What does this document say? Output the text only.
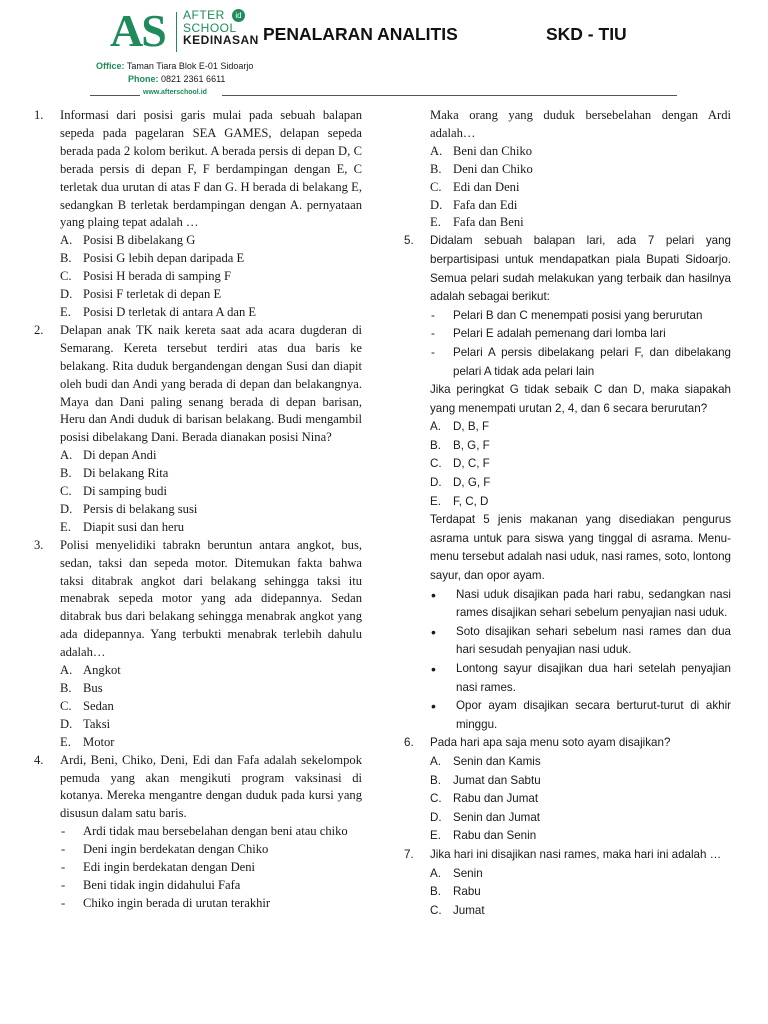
AS AFTER
SCHOOL
KEDINASAN
id
PENALARAN ANALITIS	SKD - TIU
Office: Taman Tiara Blok E-01 Sidoarjo
Phone: 0821 2361 6611
www.afterschool.id
1. Informasi dari posisi garis mulai pada sebuah balapan sepeda pada pagelaran SEA GAMES, delapan sepeda berada pada 2 kolom berikut. A berada persis di depan D, C berada persis di depan F, F berdampingan dengan E, C terletak dua urutan di atas F dan G. H berada di belakang E, sedangkan B terletak berdampingan dengan A. pernyataan yang plaing tepat adalah …
A. Posisi B dibelakang G
B. Posisi G lebih depan daripada E
C. Posisi H berada di samping F
D. Posisi F terletak di depan E
E. Posisi D terletak di antara A dan E
2. Delapan anak TK naik kereta saat ada acara dugderan di Semarang. Kereta tersebut terdiri atas dua baris ke belakang. Rita duduk bergandengan dengan Susi dan diapit oleh budi dan Andi yang berada di depan dan belakangnya. Maya dan Dani paling senang berada di depan barisan, Heru dan Andi duduk di barisan belakang. Budi mengambil posisi dibelakang Dani. Berada dianakan posisi Nina?
A. Di depan Andi
B. Di belakang Rita
C. Di samping budi
D. Persis di belakang susi
E. Diapit susi dan heru
3. Polisi menyelidiki tabrakn beruntun antara angkot, bus, sedan, taksi dan sepeda motor. Ditemukan fakta bahwa taksi ditabrak angkot dari belakang sehingga taksi itu menabrak sepeda motor yang ada didepannya. Sedan ditabrak bus dari belakang sehingga menabrak angkot yang ada didepannya. Yang terbukti menabrak terlebih dahulu adalah…
A. Angkot
B. Bus
C. Sedan
D. Taksi
E. Motor
4. Ardi, Beni, Chiko, Deni, Edi dan Fafa adalah sekelompok pemuda yang akan mengikuti program vaksinasi di kotanya. Mereka mengantre dengan duduk pada kursi yang disusun dalam satu baris.
- Ardi tidak mau bersebelahan dengan beni atau chiko
- Deni ingin berdekatan dengan Chiko
- Edi ingin berdekatan dengan Deni
- Beni tidak ingin didahului Fafa
- Chiko ingin berada di urutan terakhir
Maka orang yang duduk bersebelahan dengan Ardi adalah…
A. Beni dan Chiko
B. Deni dan Chiko
C. Edi dan Deni
D. Fafa dan Edi
E. Fafa dan Beni
5. Didalam sebuah balapan lari, ada 7 pelari yang berpartisipasi untuk mendapatkan piala Bupati Sidoarjo. Semua pelari sudah melakukan yang terbaik dan hasilnya adalah sebagai berikut:
- Pelari B dan C menempati posisi yang berurutan
- Pelari E adalah pemenang dari lomba lari
- Pelari A persis dibelakang pelari F, dan dibelakang pelari A tidak ada pelari lain
Jika peringkat G tidak sebaik C dan D, maka siapakah yang menempati urutan 2, 4, dan 6 secara berurutan?
A. D, B, F
B. B, G, F
C. D, C, F
D. D, G, F
E. F, C, D
Terdapat 5 jenis makanan yang disediakan pengurus asrama untuk para siswa yang tinggal di asrama. Menu-menu tersebut adalah nasi uduk, nasi rames, soto, lontong sayur, dan opor ayam.
• Nasi uduk disajikan pada hari rabu, sedangkan nasi rames disajikan sehari sebelum penyajian nasi uduk.
• Soto disajikan sehari sebelum nasi rames dan dua hari sesudah penyajian nasi uduk.
• Lontong sayur disajikan dua hari setelah penyajian nasi rames.
• Opor ayam disajikan secara berturut-turut di akhir minggu.
6. Pada hari apa saja menu soto ayam disajikan?
A. Senin dan Kamis
B. Jumat dan Sabtu
C. Rabu dan Jumat
D. Senin dan Jumat
E. Rabu dan Senin
7. Jika hari ini disajikan nasi rames, maka hari ini adalah …
A. Senin
B. Rabu
C. Jumat
